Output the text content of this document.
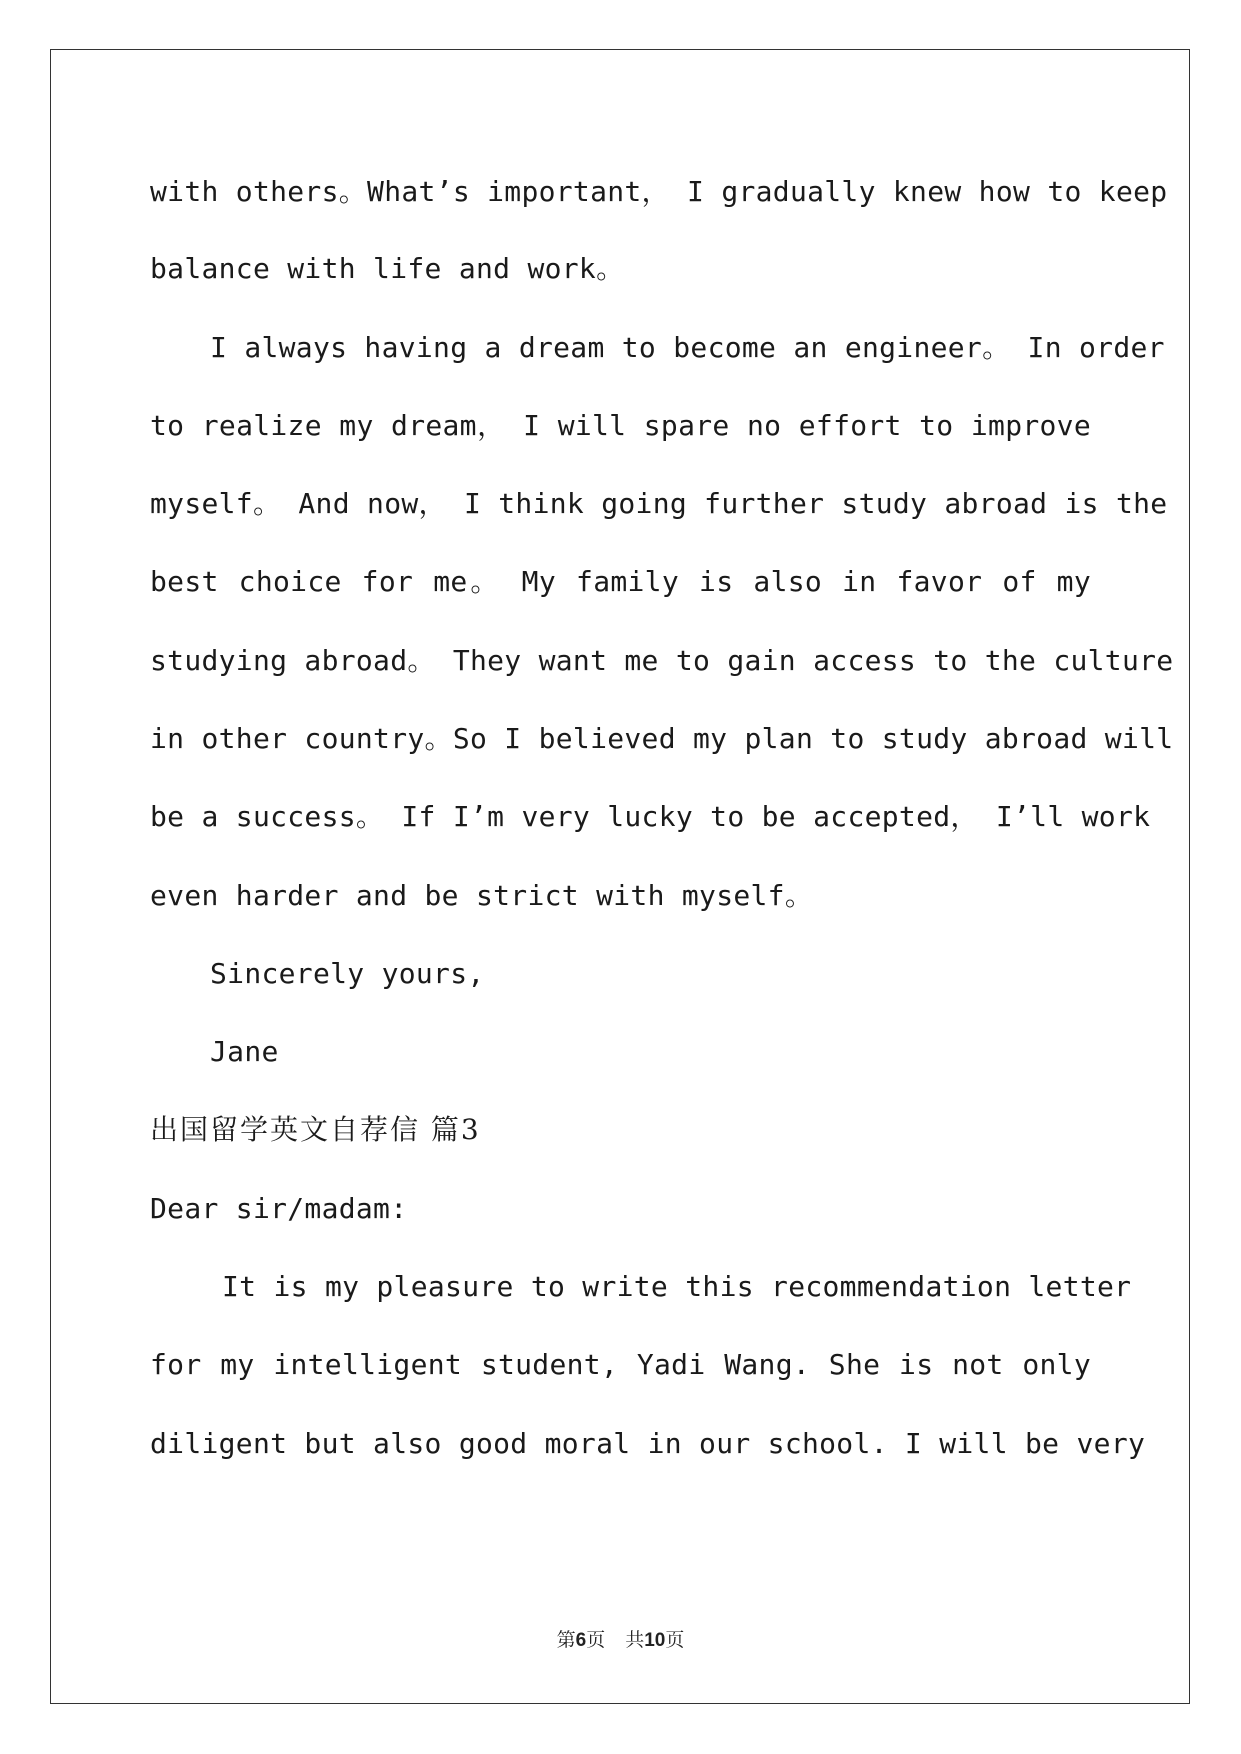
with others。What’s important， I gradually knew how to keep
balance with life and work。
I always having a dream to become an engineer。 In order
to realize my dream， I will spare no effort to improve
myself。 And now， I think going further study abroad is the
best choice for me。 My family is also in favor of my
studying abroad。 They want me to gain access to the culture
in other country。So I believed my plan to study abroad will
be a success。 If I’m very lucky to be accepted， I’ll work
even harder and be strict with myself。
Sincerely yours,
Jane
出国留学英文自荐信 篇3
Dear sir/madam:
It is my pleasure to write this recommendation letter
for my intelligent student, Yadi Wang. She is not only
diligent but also good moral in our school. I will be very
第6页 共10页
